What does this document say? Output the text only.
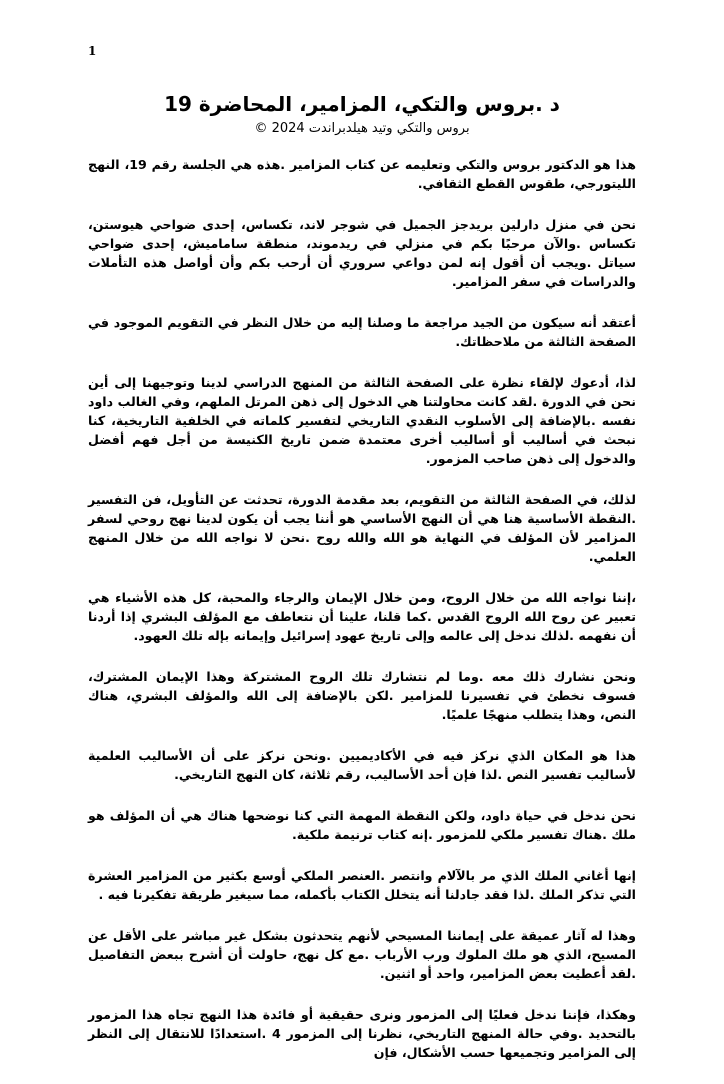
1
د .بروس والتكي، المزامير، المحاضرة 19
بروس والتكي وتيد هيلدبراندت 2024 ©

هذا هو الدكتور بروس والتكي وتعليمه عن كتاب المزامير .هذه هي الجلسة رقم 19، النهج الليتورجي، طقوس القطع الثقافي.

نحن في منزل دارلين بريدجز الجميل في شوجر لاند، تكساس، إحدى ضواحي هيوستن، تكساس .والآن مرحبًا بكم في منزلي في ريدموند، منطقة ساماميش، إحدى ضواحي سياتل .ويجب أن أقول إنه لمن دواعي سروري أن أرحب بكم وأن أواصل هذه التأملات والدراسات في سفر المزامير.

أعتقد أنه سيكون من الجيد مراجعة ما وصلنا إليه من خلال النظر في التقويم الموجود في الصفحة الثالثة من ملاحظاتك.

لذا، أدعوك لإلقاء نظرة على الصفحة الثالثة من المنهج الدراسي لدينا وتوجيهنا إلى أين نحن في الدورة .لقد كانت محاولتنا هي الدخول إلى ذهن المرتل الملهم، وفي الغالب داود نفسه .بالإضافة إلى الأسلوب النقدي التاريخي لتفسير كلماته في الخلفية التاريخية، كنا نبحث في أساليب أو أساليب أخرى معتمدة ضمن تاريخ الكنيسة من أجل فهم أفضل والدخول إلى ذهن صاحب المزمور.

لذلك، في الصفحة الثالثة من التقويم، بعد مقدمة الدورة، تحدثت عن التأويل، فن التفسير .النقطة الأساسية هنا هي أن النهج الأساسي هو أننا يجب أن يكون لدينا نهج روحي لسفر المزامير لأن المؤلف في النهاية هو الله والله روح .نحن لا نواجه الله من خلال المنهج العلمي.

،إننا نواجه الله من خلال الروح، ومن خلال الإيمان والرجاء والمحبة، كل هذه الأشياء هي تعبير عن روح الله الروح القدس .كما قلنا، علينا أن نتعاطف مع المؤلف البشري إذا أردنا أن نفهمه .لذلك ندخل إلى عالمه وإلى تاريخ عهود إسرائيل وإيمانه بإله تلك العهود.

ونحن نشارك ذلك معه .وما لم نتشارك تلك الروح المشتركة وهذا الإيمان المشترك، فسوف نخطئ في تفسيرنا للمزامير .لكن بالإضافة إلى الله والمؤلف البشري، هناك النص، وهذا يتطلب منهجًا علميًا.

هذا هو المكان الذي نركز فيه في الأكاديميين .ونحن نركز على أن الأساليب العلمية لأساليب تفسير النص .لذا فإن أحد الأساليب، رقم ثلاثة، كان النهج التاريخي.

نحن ندخل في حياة داود، ولكن النقطة المهمة التي كنا نوضحها هناك هي أن المؤلف هو ملك .هناك تفسير ملكي للمزمور .إنه كتاب ترنيمة ملكية.

إنها أغاني الملك الذي مر بالآلام وانتصر .العنصر الملكي أوسع بكثير من المزامير العشرة التي تذكر الملك .لذا فقد جادلنا أنه يتخلل الكتاب بأكمله، مما سيغير طريقة تفكيرنا فيه .

وهذا له آثار عميقة على إيماننا المسيحي لأنهم يتحدثون بشكل غير مباشر على الأقل عن المسيح، الذي هو ملك الملوك ورب الأرباب .مع كل نهج، حاولت أن أشرح ببعض التفاصيل .لقد أعطيت بعض المزامير، واحد أو اثنين.

وهكذا، فإننا ندخل فعليًا إلى المزمور ونرى حقيقية أو فائدة هذا النهج تجاه هذا المزمور بالتحديد .وفي حالة المنهج التاريخي، نظرنا إلى المزمور 4 .استعدادًا للانتقال إلى النظر إلى المزامير وتجميعها حسب الأشكال، فإن
